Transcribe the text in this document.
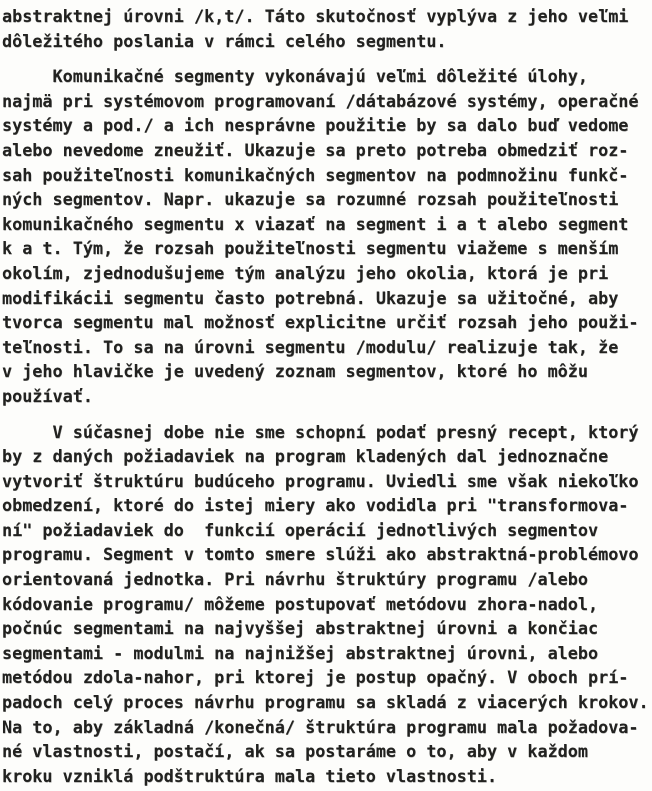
abstraktnej úrovni /k,t/. Táto skutočnosť vyplýva z jeho veľmi
dôležitého poslania v rámci celého segmentu.

Komunikačné segmenty vykonávajú veľmi dôležité úlohy,
najmä pri systémovom programovaní /dátabázové systémy, operačné
systémy a pod./ a ich nesprávne použitie by sa dalo buď vedome
alebo nevedome zneužiť. Ukazuje sa preto potreba obmedziť roz-
sah použiteľnosti komunikačných segmentov na podmnožinu funkč-
ných segmentov. Napr. ukazuje sa rozumné rozsah použiteľnosti
komunikačného segmentu x viazať na segment i a t alebo segment
k a t. Tým, že rozsah použiteľnosti segmentu viažeme s menším
okolím, zjednodušujeme tým analýzu jeho okolia, ktorá je pri
modifikácii segmentu často potrebná. Ukazuje sa užitočné, aby
tvorca segmentu mal možnosť explicitne určiť rozsah jeho použi-
teľnosti. To sa na úrovni segmentu /modulu/ realizuje tak, že
v jeho hlavičke je uvedený zoznam segmentov, ktoré ho môžu
používať.

V súčasnej dobe nie sme schopní podať presný recept, ktorý
by z daných požiadaviek na program kladených dal jednoznačne
vytvoriť štruktúru budúceho programu. Uviedli sme však niekoľko
obmedzení, ktoré do istej miery ako vodidla pri "transformova-
ní" požiadaviek do  funkcií operácií jednotlivých segmentov
programu. Segment v tomto smere slúži ako abstraktná-problémovo
orientovaná jednotka. Pri návrhu štruktúry programu /alebo
kódovanie programu/ môžeme postupovať metódovu zhora-nadol,
počnúc segmentami na najvyššej abstraktnej úrovni a končiac
segmentami - modulmi na najnižšej abstraktnej úrovni, alebo
metódou zdola-nahor, pri ktorej je postup opačný. V oboch prí-
padoch celý proces návrhu programu sa skladá z viacerých krokov.
Na to, aby základná /konečná/ štruktúra programu mala požadova-
né vlastnosti, postačí, ak sa postaráme o to, aby v každom
kroku vzniklá podštruktúra mala tieto vlastnosti.
